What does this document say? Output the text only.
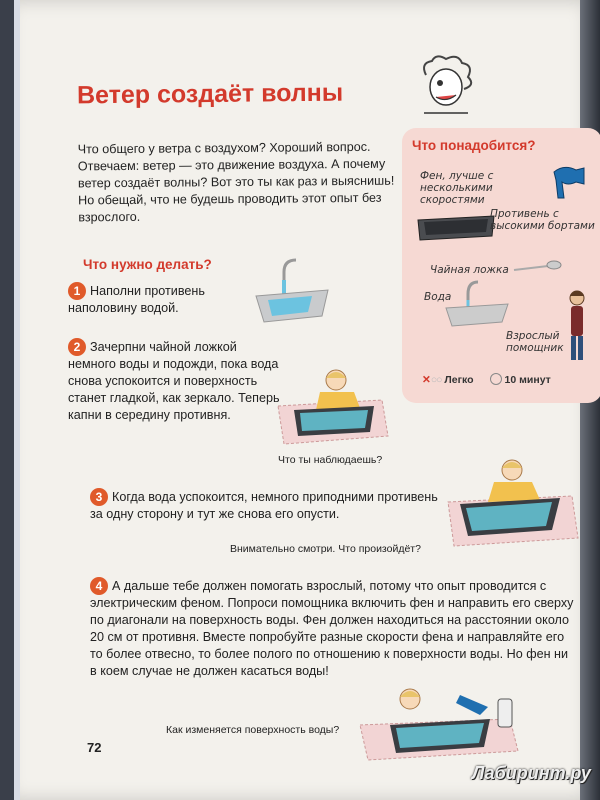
Ветер создаёт волны
Что общего у ветра с воздухом? Хороший вопрос. Отвечаем: ветер — это движение воздуха. А почему ветер создаёт волны? Вот это ты как раз и выяснишь! Но обещай, что не будешь проводить этот опыт без взрослого.
Что понадобится?
Фен, лучше с несколькими скоростями
Противень с высокими бортами
Чайная ложка
Вода
Взрослый помощник
✕○○ Легко	10 минут
Что нужно делать?
1 Наполни противень наполовину водой.
2 Зачерпни чайной ложкой немного воды и подожди, пока вода снова успокоится и поверхность станет гладкой, как зеркало. Теперь капни в середину противня.
Что ты наблюдаешь?
3 Когда вода успокоится, немного приподними противень за одну сторону и тут же снова его опусти.
Внимательно смотри. Что произойдёт?
4 А дальше тебе должен помогать взрослый, потому что опыт проводится с электрическим феном. Попроси помощника включить фен и направить его сверху по диагонали на поверхность воды. Фен должен находиться на расстоянии около 20 см от противня. Вместе попробуйте разные скорости фена и направляйте его то более отвесно, то более полого по отношению к поверхности воды. Но фен ни в коем случае не должен касаться воды!
Как изменяется поверхность воды?
72
Лабиринт.ру
